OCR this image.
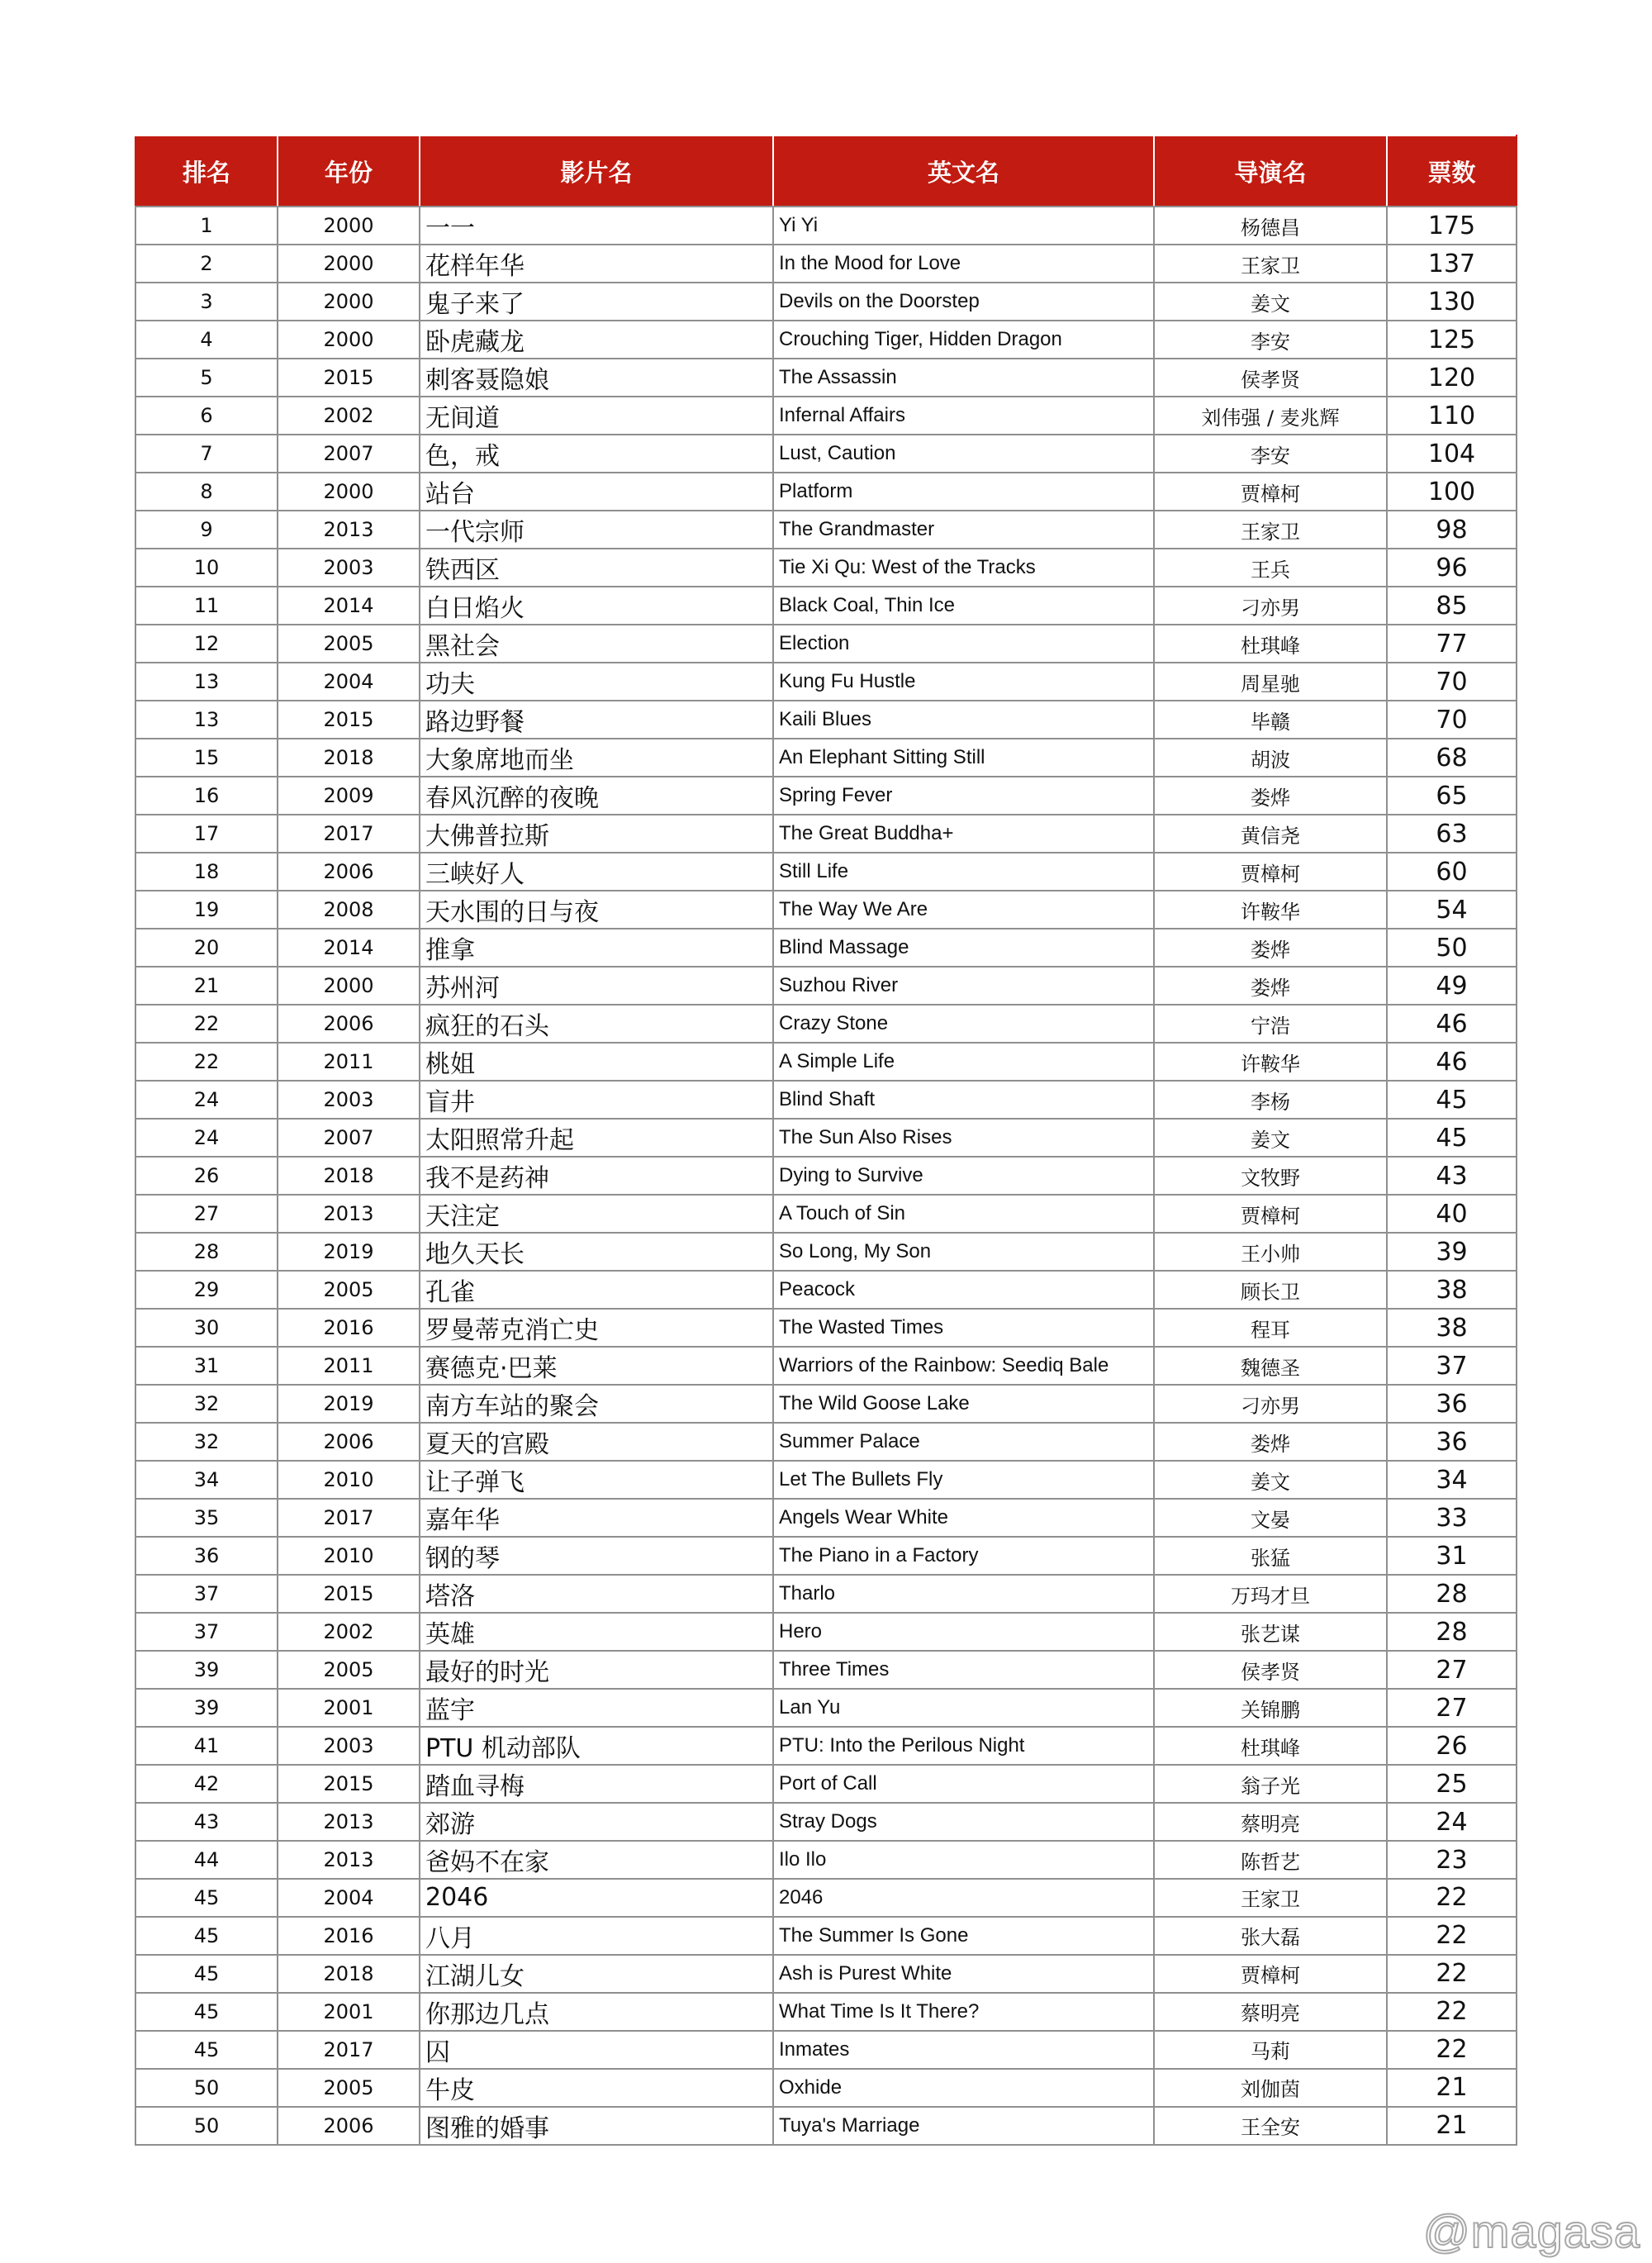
排名	年份	影片名	英文名	导演名	票数
1	2000	一一	Yi Yi	杨德昌	175
2	2000	花样年华	In the Mood for Love	王家卫	137
3	2000	鬼子来了	Devils on the Doorstep	姜文	130
4	2000	卧虎藏龙	Crouching Tiger, Hidden Dragon	李安	125
5	2015	刺客聂隐娘	The Assassin	侯孝贤	120
6	2002	无间道	Infernal Affairs	刘伟强 / 麦兆辉	110
7	2007	色，戒	Lust, Caution	李安	104
8	2000	站台	Platform	贾樟柯	100
9	2013	一代宗师	The Grandmaster	王家卫	98
10	2003	铁西区	Tie Xi Qu: West of the Tracks	王兵	96
11	2014	白日焰火	Black Coal, Thin Ice	刁亦男	85
12	2005	黑社会	Election	杜琪峰	77
13	2004	功夫	Kung Fu Hustle	周星驰	70
13	2015	路边野餐	Kaili Blues	毕赣	70
15	2018	大象席地而坐	An Elephant Sitting Still	胡波	68
16	2009	春风沉醉的夜晚	Spring Fever	娄烨	65
17	2017	大佛普拉斯	The Great Buddha+	黄信尧	63
18	2006	三峡好人	Still Life	贾樟柯	60
19	2008	天水围的日与夜	The Way We Are	许鞍华	54
20	2014	推拿	Blind Massage	娄烨	50
21	2000	苏州河	Suzhou River	娄烨	49
22	2006	疯狂的石头	Crazy Stone	宁浩	46
22	2011	桃姐	A Simple Life	许鞍华	46
24	2003	盲井	Blind Shaft	李杨	45
24	2007	太阳照常升起	The Sun Also Rises	姜文	45
26	2018	我不是药神	Dying to Survive	文牧野	43
27	2013	天注定	A Touch of Sin	贾樟柯	40
28	2019	地久天长	So Long, My Son	王小帅	39
29	2005	孔雀	Peacock	顾长卫	38
30	2016	罗曼蒂克消亡史	The Wasted Times	程耳	38
31	2011	赛德克·巴莱	Warriors of the Rainbow: Seediq Bale	魏德圣	37
32	2019	南方车站的聚会	The Wild Goose Lake	刁亦男	36
32	2006	夏天的宫殿	Summer Palace	娄烨	36
34	2010	让子弹飞	Let The Bullets Fly	姜文	34
35	2017	嘉年华	Angels Wear White	文晏	33
36	2010	钢的琴	The Piano in a Factory	张猛	31
37	2015	塔洛	Tharlo	万玛才旦	28
37	2002	英雄	Hero	张艺谋	28
39	2005	最好的时光	Three Times	侯孝贤	27
39	2001	蓝宇	Lan Yu	关锦鹏	27
41	2003	PTU 机动部队	PTU: Into the Perilous Night	杜琪峰	26
42	2015	踏血寻梅	Port of Call	翁子光	25
43	2013	郊游	Stray Dogs	蔡明亮	24
44	2013	爸妈不在家	Ilo Ilo	陈哲艺	23
45	2004	2046	2046	王家卫	22
45	2016	八月	The Summer Is Gone	张大磊	22
45	2018	江湖儿女	Ash is Purest White	贾樟柯	22
45	2001	你那边几点	What Time Is It There?	蔡明亮	22
45	2017	囚	Inmates	马莉	22
50	2005	牛皮	Oxhide	刘伽茵	21
50	2006	图雅的婚事	Tuya's Marriage	王全安	21
@magasa
